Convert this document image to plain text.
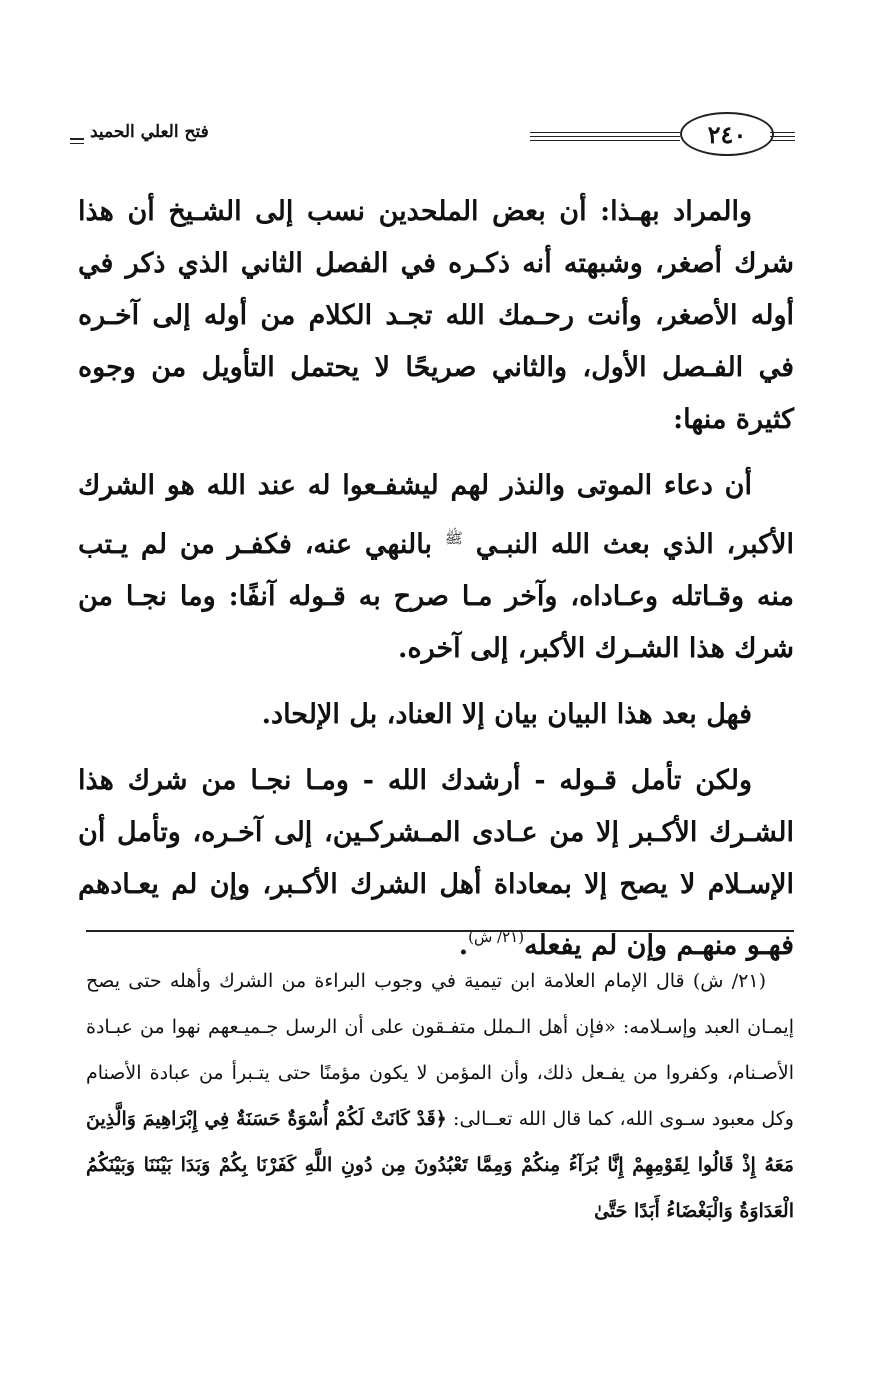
فتح العلي الحميد	٢٤٠

والمراد بهـذا: أن بعض الملحدين نسب إلى الشـيخ أن هذا شرك أصغر، وشبهته أنه ذكـره في الفصل الثاني الذي ذكر في أوله الأصغر، وأنت رحـمك الله تجـد الكلام من أوله إلى آخـره في الفـصل الأول، والثاني صريحًا لا يحتمل التأويل من وجوه كثيرة منها:

أن دعاء الموتى والنذر لهم ليشفـعوا له عند الله هو الشرك الأكبر، الذي بعث الله النبـي $^ﷺ$ بالنهي عنه، فكفـر من لم يـتب منه وقـاتله وعـاداه، وآخر مـا صرح به قـوله آنفًا: وما نجـا من شرك هذا الشـرك الأكبر، إلى آخره.

فهل بعد هذا البيان بيان إلا العناد، بل الإلحاد.

ولكن تأمل قـوله - أرشدك الله - ومـا نجـا من شرك هذا الشـرك الأكـبر إلا من عـادى المـشركـين، إلى آخـره، وتأمل أن الإسـلام لا يصح إلا بمعاداة أهل الشرك الأكـبر، وإن لم يعـادهم فهـو منهـم وإن لم يفعله$^{(٢١/ ش)}$.

(٢١/ ش) قال الإمام العلامة ابن تيمية في وجوب البراءة من الشرك وأهله حتى يصح إيمـان العبد وإسـلامه: «فإن أهل الـملل متفـقون على أن الرسل جـميـعهم نهوا من عبـادة الأصـنام، وكفروا من يفـعل ذلك، وأن المؤمن لا يكون مؤمنًا حتى يتـبرأ من عبادة الأصنام وكل معبود سـوى الله، كما قال الله تعــالى: ﴿قَدْ كَانَتْ لَكُمْ أُسْوَةٌ حَسَنَةٌ فِي إِبْرَاهِيمَ وَالَّذِينَ مَعَهُ إِذْ قَالُوا لِقَوْمِهِمْ إِنَّا بُرَآءُ مِنكُمْ وَمِمَّا تَعْبُدُونَ مِن دُونِ اللَّهِ كَفَرْنَا بِكُمْ وَبَدَا بَيْنَنَا وَبَيْنَكُمُ الْعَدَاوَةُ وَالْبَغْضَاءُ أَبَدًا حَتَّىٰ
